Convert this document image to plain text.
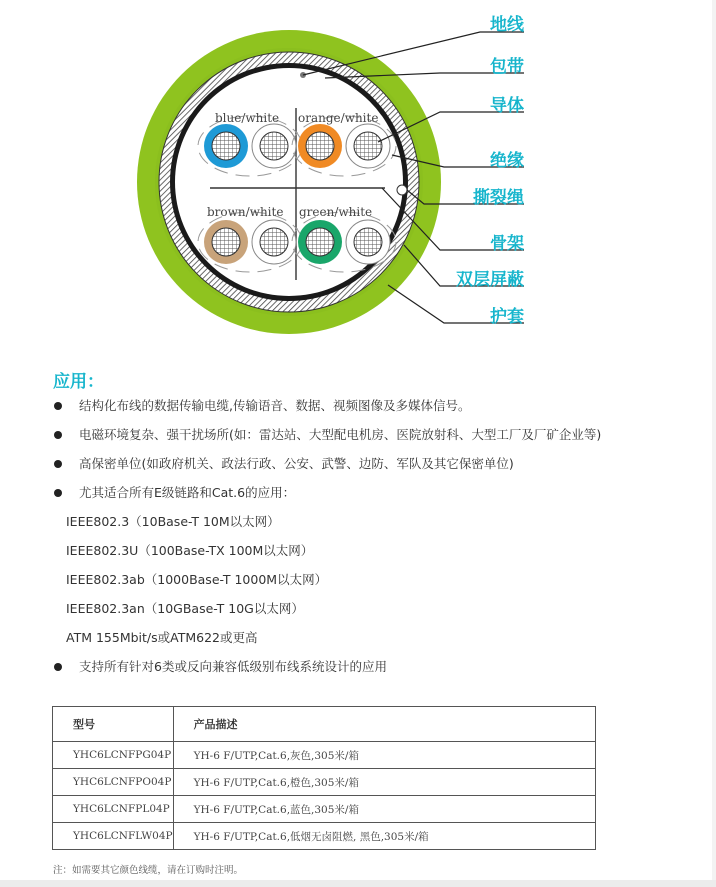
blue/white orange/white
brown/white green/white
地线
包带
导体
绝缘
撕裂绳
骨架
双层屏蔽
护套
应用：
结构化布线的数据传输电缆,传输语音、数据、视频图像及多媒体信号。
电磁环境复杂、强干扰场所(如：雷达站、大型配电机房、医院放射科、大型工厂及厂矿企业等)
高保密单位(如政府机关、政法行政、公安、武警、边防、军队及其它保密单位)
尤其适合所有E级链路和Cat.6的应用：
IEEE802.3（10Base-T 10M以太网）
IEEE802.3U（100Base-TX 100M以太网）
IEEE802.3ab（1000Base-T 1000M以太网）
IEEE802.3an（10GBase-T 10G以太网）
ATM 155Mbit/s或ATM622或更高
支持所有针对6类或反向兼容低级别布线系统设计的应用
型号	产品描述
YHC6LCNFPG04P	YH-6 F/UTP,Cat.6,灰色,305米/箱
YHC6LCNFPO04P	YH-6 F/UTP,Cat.6,橙色,305米/箱
YHC6LCNFPL04P	YH-6 F/UTP,Cat.6,蓝色,305米/箱
YHC6LCNFLW04P	YH-6 F/UTP,Cat.6,低烟无卤阻燃, 黑色,305米/箱
注：如需要其它颜色线缆，请在订购时注明。
